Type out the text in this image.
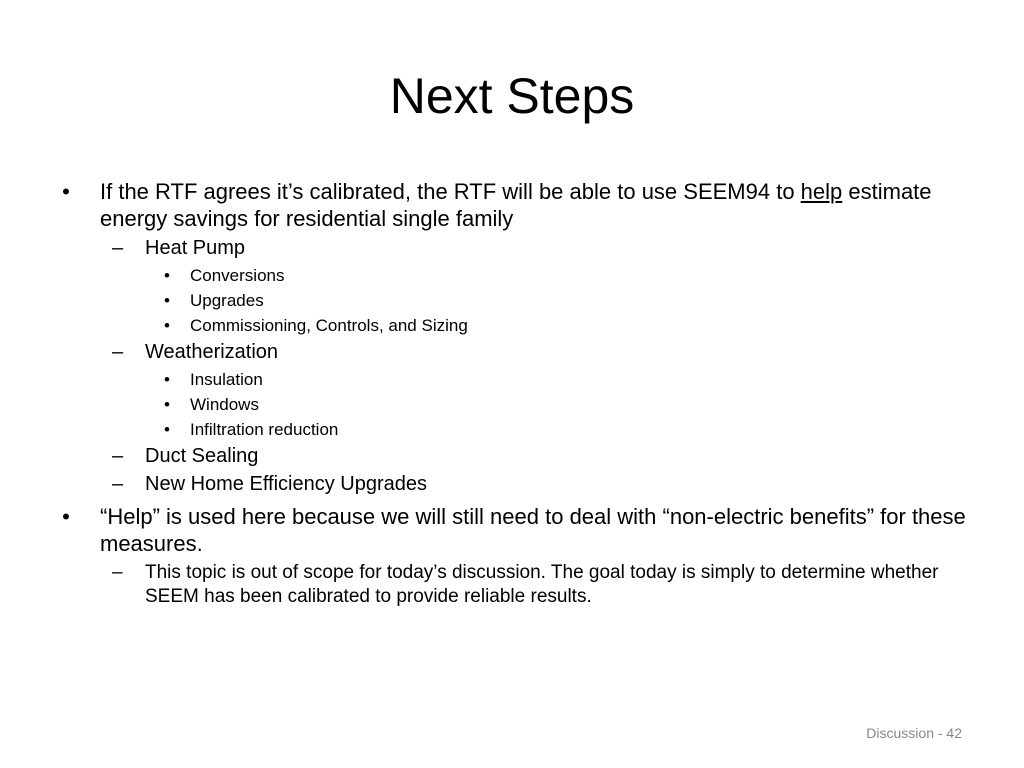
Next Steps
• If the RTF agrees it’s calibrated, the RTF will be able to use SEEM94 to help estimate energy savings for residential single family
– Heat Pump
• Conversions
• Upgrades
• Commissioning, Controls, and Sizing
– Weatherization
• Insulation
• Windows
• Infiltration reduction
– Duct Sealing
– New Home Efficiency Upgrades
• “Help” is used here because we will still need to deal with “non-electric benefits” for these measures.
– This topic is out of scope for today’s discussion. The goal today is simply to determine whether SEEM has been calibrated to provide reliable results.
Discussion - 42
